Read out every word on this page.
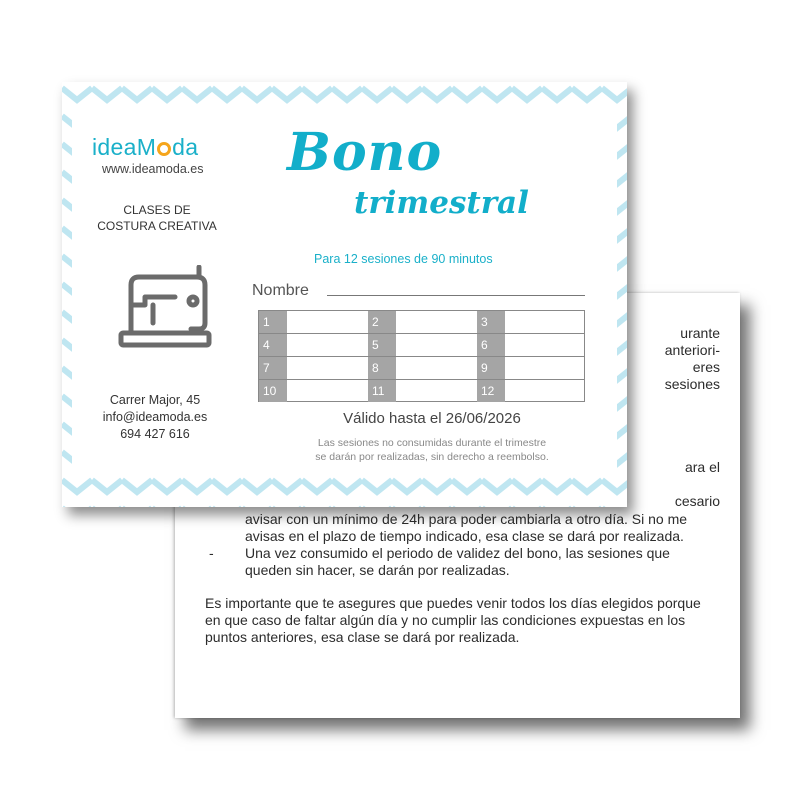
urante
anteriori-
eres
sesiones
ara el
cesario
avisar con un mínimo de 24h para poder cambiarla a otro día. Si no me avisas en el plazo de tiempo indicado, esa clase se dará por realizada.
- Una vez consumido el periodo de validez del bono, las sesiones que queden sin hacer, se darán por realizadas.

Es importante que te asegures que puedes venir todos los días elegidos porque en que caso de faltar algún día y no cumplir las condiciones expuestas en los puntos anteriores, esa clase se dará por realizada.

ideaM da
www.ideamoda.es
CLASES DE
COSTURA CREATIVA
Carrer Major, 45
info@ideamoda.es
694 427 616
Bono
trimestral
Para 12 sesiones de 90 minutos
Nombre
1	2	3
4	5	6
7	8	9
10	11	12
Válido hasta el 26/06/2026
Las sesiones no consumidas durante el trimestre
se darán por realizadas, sin derecho a reembolso.
